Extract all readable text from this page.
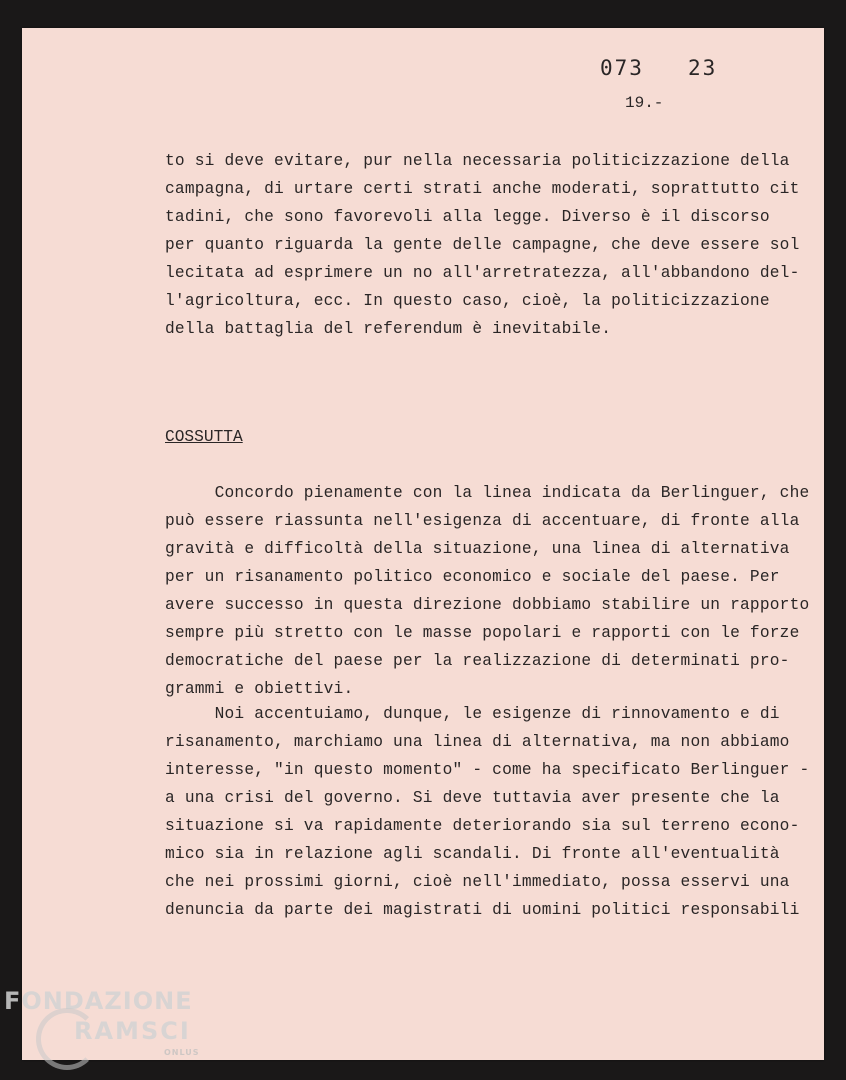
073 23
19.-
to si deve evitare, pur nella necessaria politicizzazione della
campagna, di urtare certi strati anche moderati, soprattutto cit
tadini, che sono favorevoli alla legge. Diverso è il discorso
per quanto riguarda la gente delle campagne, che deve essere sol
lecitata ad esprimere un no all'arretratezza, all'abbandono del-
l'agricoltura, ecc. In questo caso, cioè, la politicizzazione
della battaglia del referendum è inevitabile.
COSSUTTA
Concordo pienamente con la linea indicata da Berlinguer, che
può essere riassunta nell'esigenza di accentuare, di fronte alla
gravità e difficoltà della situazione, una linea di alternativa
per un risanamento politico economico e sociale del paese. Per
avere successo in questa direzione dobbiamo stabilire un rapporto
sempre più stretto con le masse popolari e rapporti con le forze
democratiche del paese per la realizzazione di determinati pro-
grammi e obiettivi.
Noi accentuiamo, dunque, le esigenze di rinnovamento e di
risanamento, marchiamo una linea di alternativa, ma non abbiamo
interesse, "in questo momento" - come ha specificato Berlinguer -
a una crisi del governo. Si deve tuttavia aver presente che la
situazione si va rapidamente deteriorando sia sul terreno econo-
mico sia in relazione agli scandali. Di fronte all'eventualità
che nei prossimi giorni, cioè nell'immediato, possa esservi una
denuncia da parte dei magistrati di uomini politici responsabili
FONDAZIONE
RAMSCI
ONLUS
